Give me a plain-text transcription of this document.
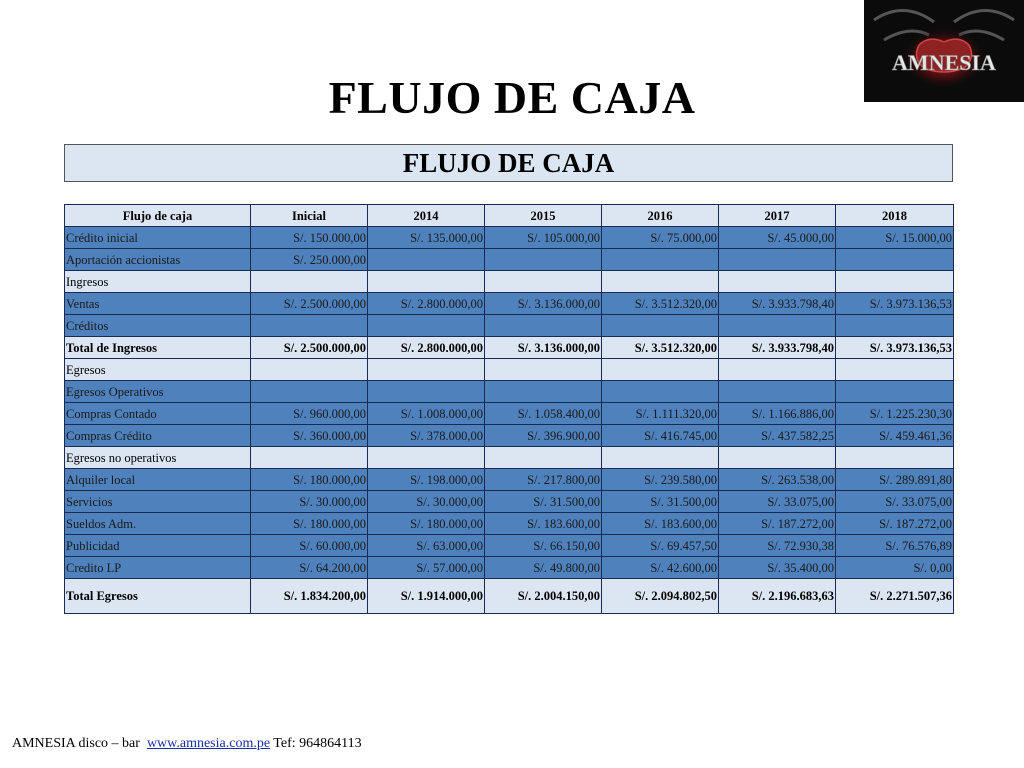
AMNESIA
FLUJO DE CAJA
FLUJO DE CAJA
Flujo de caja	Inicial	2014	2015	2016	2017	2018
Crédito inicial	S/. 150.000,00	S/. 135.000,00	S/. 105.000,00	S/. 75.000,00	S/. 45.000,00	S/. 15.000,00
Aportación accionistas	S/. 250.000,00					
Ingresos						
Ventas	S/. 2.500.000,00	S/. 2.800.000,00	S/. 3.136.000,00	S/. 3.512.320,00	S/. 3.933.798,40	S/. 3.973.136,53
Créditos						
Total de Ingresos	S/. 2.500.000,00	S/. 2.800.000,00	S/. 3.136.000,00	S/. 3.512.320,00	S/. 3.933.798,40	S/. 3.973.136,53
Egresos						
Egresos Operativos						
Compras Contado	S/. 960.000,00	S/. 1.008.000,00	S/. 1.058.400,00	S/. 1.111.320,00	S/. 1.166.886,00	S/. 1.225.230,30
Compras Crédito	S/. 360.000,00	S/. 378.000,00	S/. 396.900,00	S/. 416.745,00	S/. 437.582,25	S/. 459.461,36
Egresos no operativos						
Alquiler local	S/. 180.000,00	S/. 198.000,00	S/. 217.800,00	S/. 239.580,00	S/. 263.538,00	S/. 289.891,80
Servicios	S/. 30.000,00	S/. 30.000,00	S/. 31.500,00	S/. 31.500,00	S/. 33.075,00	S/. 33.075,00
Sueldos Adm.	S/. 180.000,00	S/. 180.000,00	S/. 183.600,00	S/. 183.600,00	S/. 187.272,00	S/. 187.272,00
Publicidad	S/. 60.000,00	S/. 63.000,00	S/. 66.150,00	S/. 69.457,50	S/. 72.930,38	S/. 76.576,89
Credito LP	S/. 64.200,00	S/. 57.000,00	S/. 49.800,00	S/. 42.600,00	S/. 35.400,00	S/. 0,00
Total Egresos	S/. 1.834.200,00	S/. 1.914.000,00	S/. 2.004.150,00	S/. 2.094.802,50	S/. 2.196.683,63	S/. 2.271.507,36
AMNESIA disco – bar www.amnesia.com.pe Tef: 964864113
